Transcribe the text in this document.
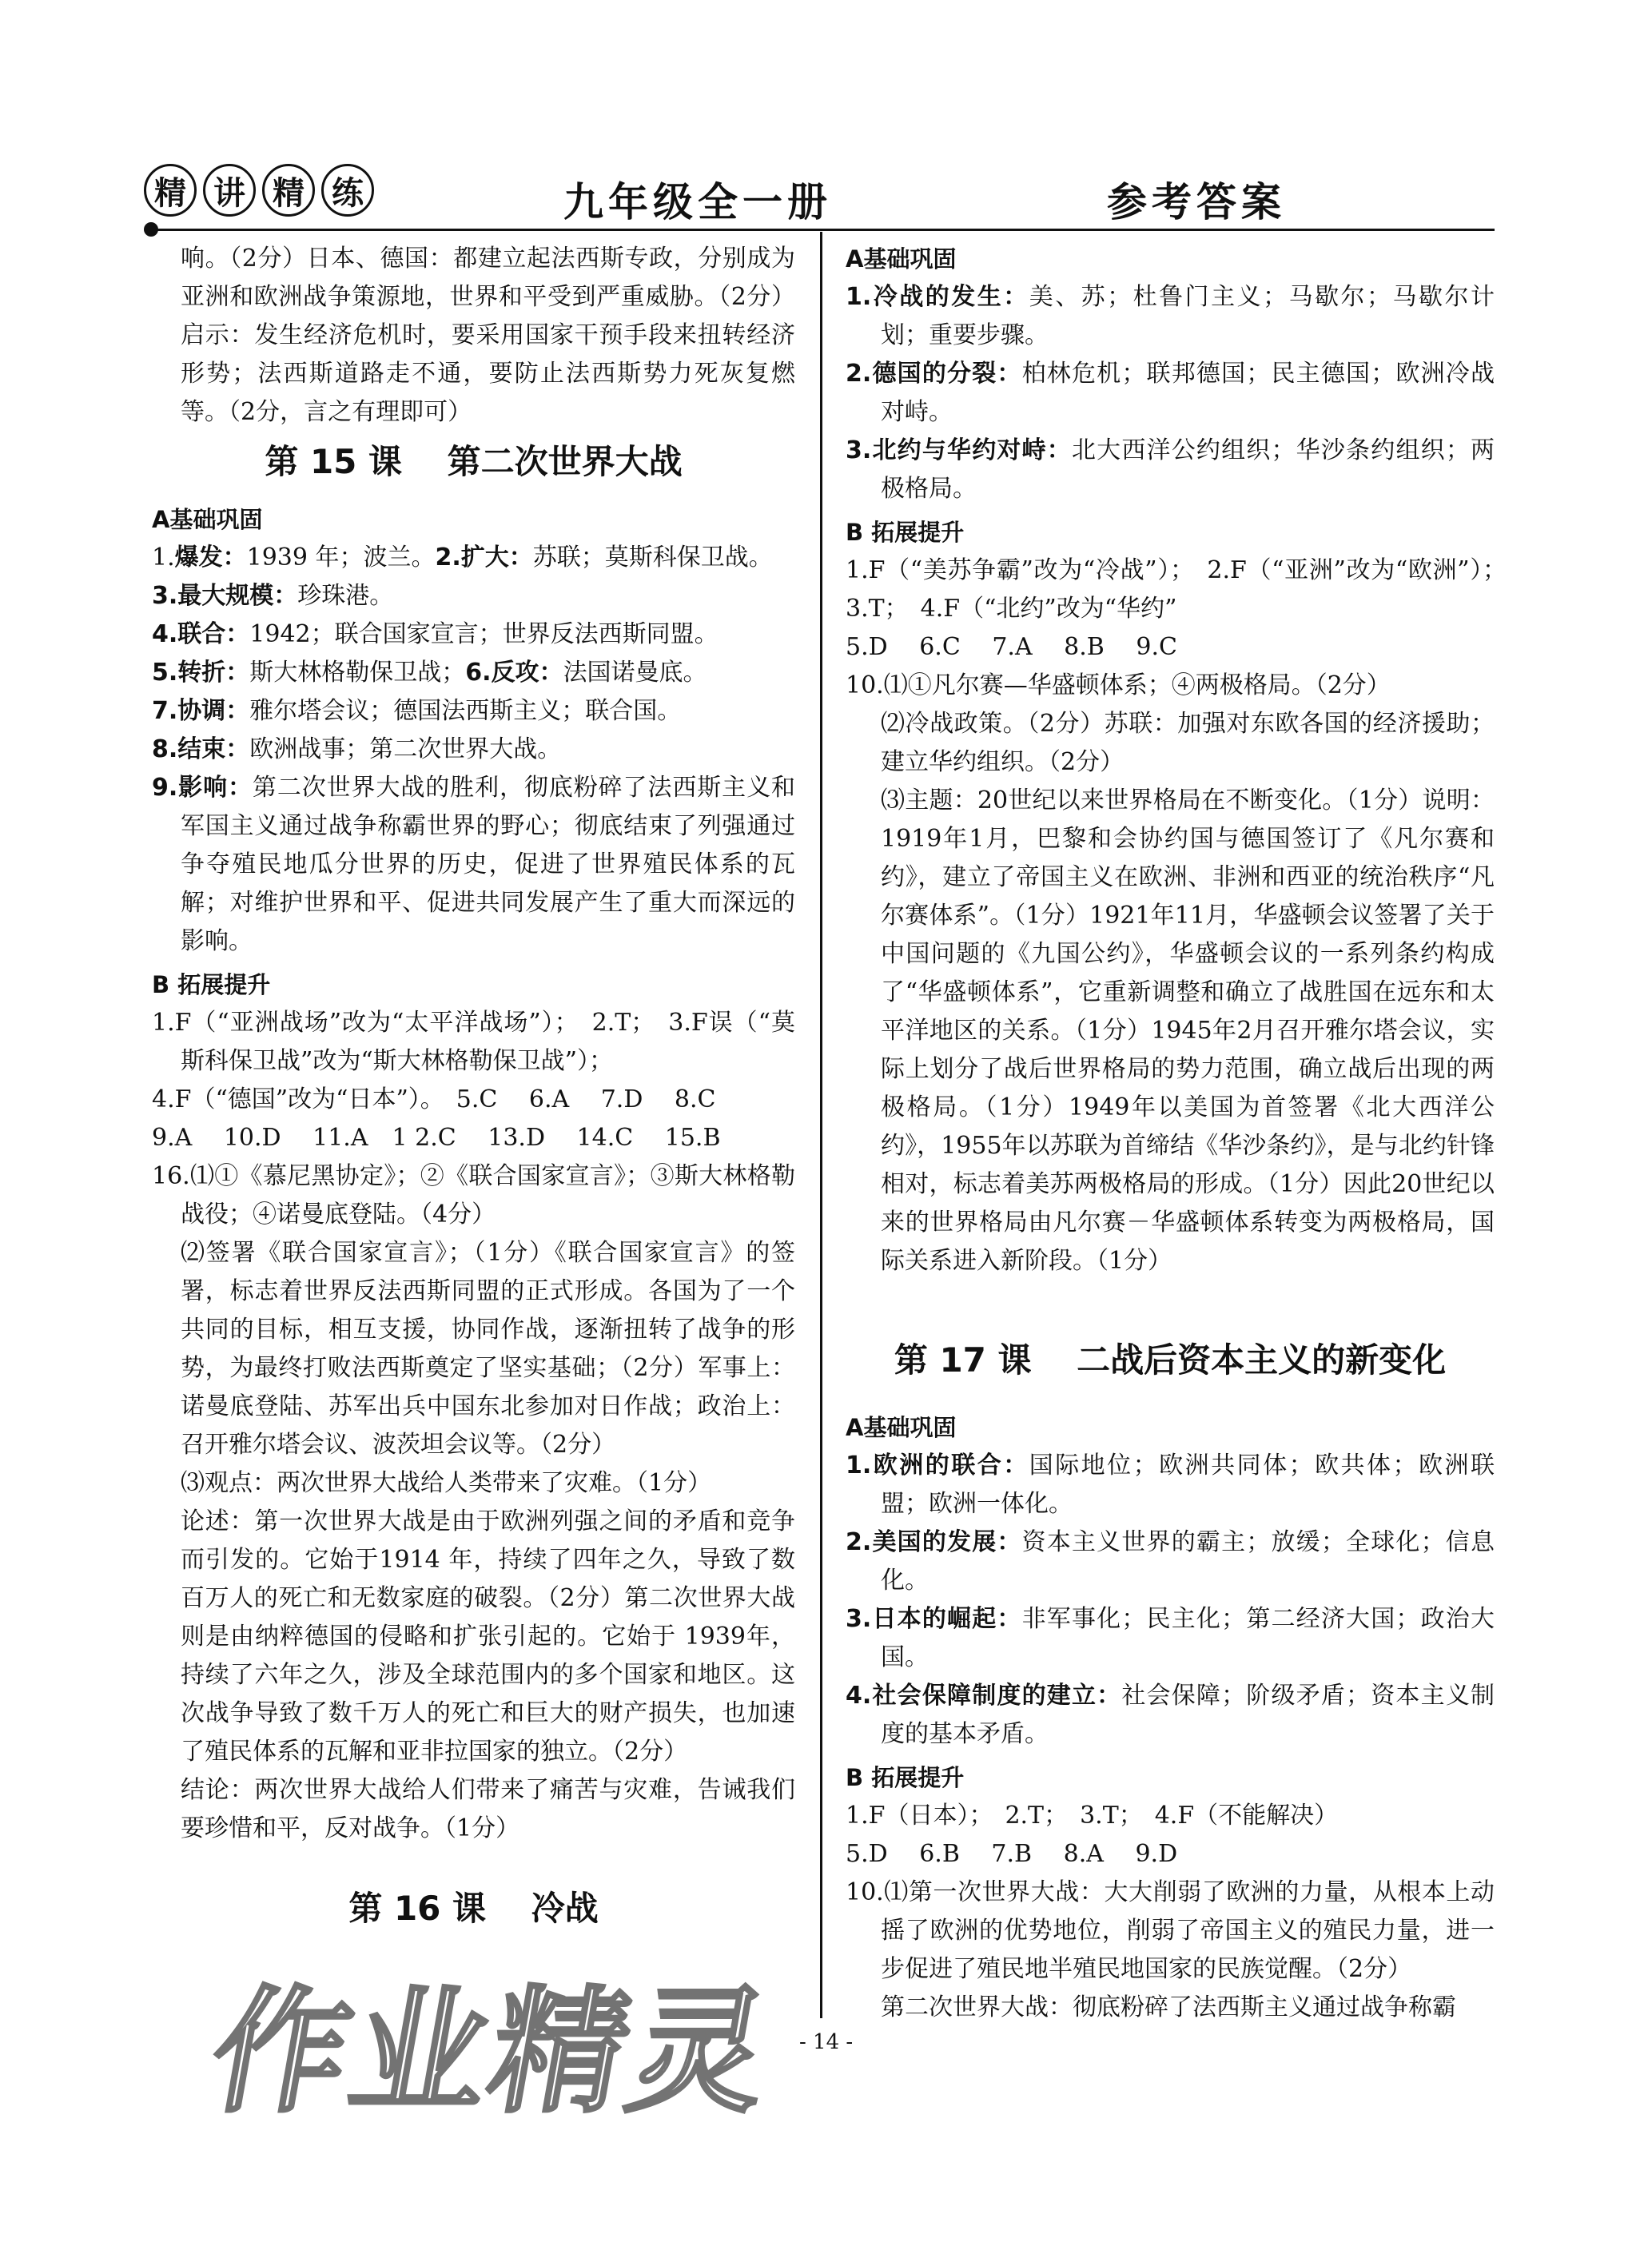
精 讲 精 练	九年级全一册	参考答案

响。（2分）日本、德国：都建立起法西斯专政，分别成为亚洲和欧洲战争策源地，世界和平受到严重威胁。（2分）启示：发生经济危机时，要采用国家干预手段来扭转经济形势；法西斯道路走不通，要防止法西斯势力死灰复燃等。（2分，言之有理即可）

第 15 课　 第二次世界大战
A基础巩固

1.爆发：1939 年；波兰。2.扩大：苏联；莫斯科保卫战。

3.最大规模：珍珠港。

4.联合：1942；联合国家宣言；世界反法西斯同盟。

5.转折：斯大林格勒保卫战；6.反攻：法国诺曼底。

7.协调：雅尔塔会议；德国法西斯主义；联合国。

8.结束：欧洲战事；第二次世界大战。

9.影响：第二次世界大战的胜利，彻底粉碎了法西斯主义和军国主义通过战争称霸世界的野心；彻底结束了列强通过争夺殖民地瓜分世界的历史，促进了世界殖民体系的瓦解；对维护世界和平、促进共同发展产生了重大而深远的影响。

B 拓展提升

1.F（“亚洲战场”改为“太平洋战场”）；　2.T；　3.F误（“莫斯科保卫战”改为“斯大林格勒保卫战”）；

4.F（“德国”改为“日本”）。　5.C　 6.A　 7.D　 8.C

9.A　 10.D　 11.A　1 2.C　 13.D　 14.C　 15.B

16.⑴①《慕尼黑协定》；②《联合国家宣言》；③斯大林格勒战役；④诺曼底登陆。（4分）

⑵签署《联合国家宣言》；（1分）《联合国家宣言》的签署，标志着世界反法西斯同盟的正式形成。各国为了一个共同的目标，相互支援，协同作战，逐渐扭转了战争的形势，为最终打败法西斯奠定了坚实基础；（2分）军事上：诺曼底登陆、苏军出兵中国东北参加对日作战；政治上：召开雅尔塔会议、波茨坦会议等。（2分）

⑶观点：两次世界大战给人类带来了灾难。（1分）

论述：第一次世界大战是由于欧洲列强之间的矛盾和竞争而引发的。它始于1914 年，持续了四年之久，导致了数百万人的死亡和无数家庭的破裂。（2分）第二次世界大战则是由纳粹德国的侵略和扩张引起的。它始于 1939年，持续了六年之久，涉及全球范围内的多个国家和地区。这次战争导致了数千万人的死亡和巨大的财产损失，也加速了殖民体系的瓦解和亚非拉国家的独立。（2分）

结论：两次世界大战给人们带来了痛苦与灾难，告诫我们要珍惜和平，反对战争。（1分）

第 16 课　 冷战
A基础巩固

1.冷战的发生：美、苏；杜鲁门主义；马歇尔；马歇尔计划；重要步骤。

2.德国的分裂：柏林危机；联邦德国；民主德国；欧洲冷战对峙。

3.北约与华约对峙：北大西洋公约组织；华沙条约组织；两极格局。

B 拓展提升

1.F（“美苏争霸”改为“冷战”）；　2.F（“亚洲”改为“欧洲”）；　3.T；　4.F（“北约”改为“华约”

5.D　 6.C　 7.A　 8.B　 9.C

10.⑴①凡尔赛—华盛顿体系；④两极格局。（2分）

⑵冷战政策。（2分）苏联：加强对东欧各国的经济援助；建立华约组织。（2分）

⑶主题：20世纪以来世界格局在不断变化。（1分）说明：1919年1月，巴黎和会协约国与德国签订了《凡尔赛和约》，建立了帝国主义在欧洲、非洲和西亚的统治秩序“凡尔赛体系”。（1分）1921年11月，华盛顿会议签署了关于中国问题的《九国公约》，华盛顿会议的一系列条约构成了“华盛顿体系”，它重新调整和确立了战胜国在远东和太平洋地区的关系。（1分）1945年2月召开雅尔塔会议，实际上划分了战后世界格局的势力范围，确立战后出现的两极格局。（1分）1949年以美国为首签署《北大西洋公约》，1955年以苏联为首缔结《华沙条约》，是与北约针锋相对，标志着美苏两极格局的形成。（1分）因此20世纪以来的世界格局由凡尔赛－华盛顿体系转变为两极格局，国际关系进入新阶段。（1分）

第 17 课　 二战后资本主义的新变化
A基础巩固

1.欧洲的联合：国际地位；欧洲共同体；欧共体；欧洲联盟；欧洲一体化。

2.美国的发展：资本主义世界的霸主；放缓；全球化；信息化。

3.日本的崛起：非军事化；民主化；第二经济大国；政治大国。

4.社会保障制度的建立：社会保障；阶级矛盾；资本主义制度的基本矛盾。

B 拓展提升

1.F（日本）；　2.T；　3.T；　4.F（不能解决）

5.D　 6.B　 7.B　 8.A　 9.D

10.⑴第一次世界大战：大大削弱了欧洲的力量，从根本上动摇了欧洲的优势地位，削弱了帝国主义的殖民力量，进一步促进了殖民地半殖民地国家的民族觉醒。（2分）

第二次世界大战：彻底粉碎了法西斯主义通过战争称霸

- 14 -
作业精灵
